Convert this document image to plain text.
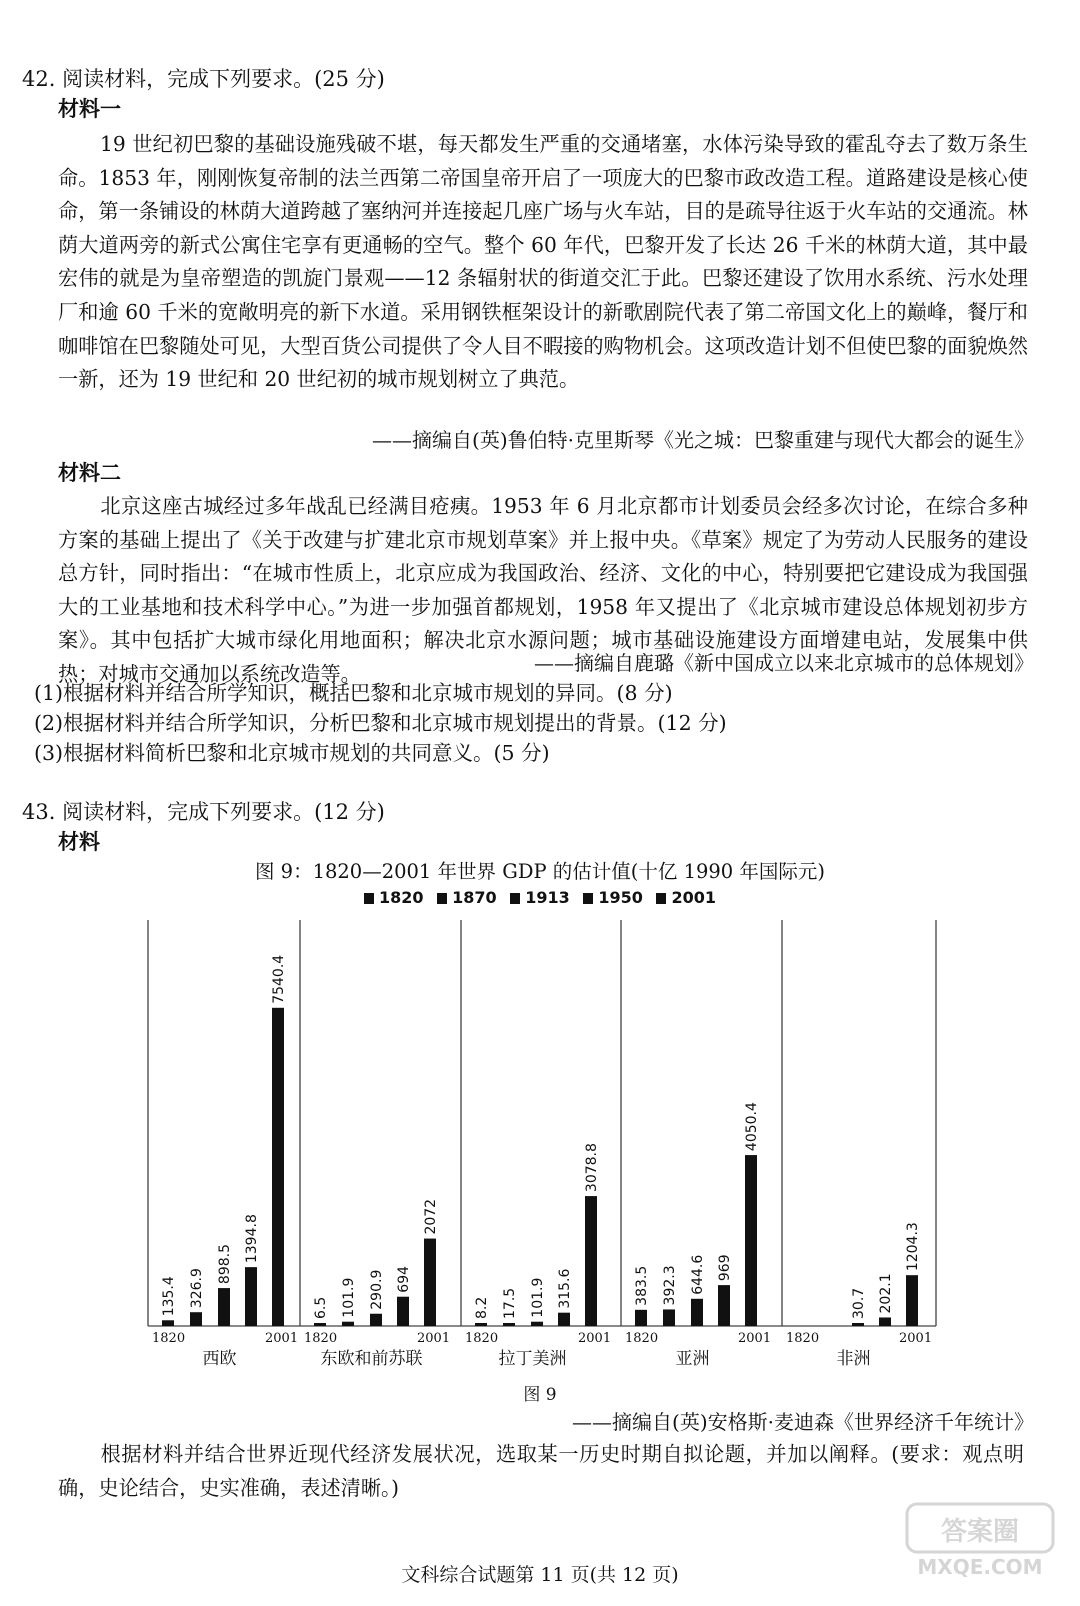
42. 阅读材料，完成下列要求。(25 分)
材料一

19 世纪初巴黎的基础设施残破不堪，每天都发生严重的交通堵塞，水体污染导致的霍乱夺去了数万条生命。1853 年，刚刚恢复帝制的法兰西第二帝国皇帝开启了一项庞大的巴黎市政改造工程。道路建设是核心使命，第一条铺设的林荫大道跨越了塞纳河并连接起几座广场与火车站，目的是疏导往返于火车站的交通流。林荫大道两旁的新式公寓住宅享有更通畅的空气。整个 60 年代，巴黎开发了长达 26 千米的林荫大道，其中最宏伟的就是为皇帝塑造的凯旋门景观——12 条辐射状的街道交汇于此。巴黎还建设了饮用水系统、污水处理厂和逾 60 千米的宽敞明亮的新下水道。采用钢铁框架设计的新歌剧院代表了第二帝国文化上的巅峰，餐厅和咖啡馆在巴黎随处可见，大型百货公司提供了令人目不暇接的购物机会。这项改造计划不但使巴黎的面貌焕然一新，还为 19 世纪和 20 世纪初的城市规划树立了典范。

——摘编自(英)鲁伯特·克里斯琴《光之城：巴黎重建与现代大都会的诞生》
材料二

北京这座古城经过多年战乱已经满目疮痍。1953 年 6 月北京都市计划委员会经多次讨论，在综合多种方案的基础上提出了《关于改建与扩建北京市规划草案》并上报中央。《草案》规定了为劳动人民服务的建设总方针，同时指出：“在城市性质上，北京应成为我国政治、经济、文化的中心，特别要把它建设成为我国强大的工业基地和技术科学中心。”为进一步加强首都规划，1958 年又提出了《北京城市建设总体规划初步方案》。其中包括扩大城市绿化用地面积；解决北京水源问题；城市基础设施建设方面增建电站，发展集中供热；对城市交通加以系统改造等。	——摘编自鹿璐《新中国成立以来北京城市的总体规划》
(1)根据材料并结合所学知识，概括巴黎和北京城市规划的异同。(8 分)
(2)根据材料并结合所学知识，分析巴黎和北京城市规划提出的背景。(12 分)
(3)根据材料简析巴黎和北京城市规划的共同意义。(5 分)
43. 阅读材料，完成下列要求。(12 分)
材料
图 9：1820—2001 年世界 GDP 的估计值(十亿 1990 年国际元)
1820 1870 1913 1950 2001
135.4 326.9
898.5
1394.8
7540.4
1820	2001
西欧
6.5 101.9 290.9 694
2072
1820	2001
东欧和前苏联
8.2 17.5 101.9 315.6
3078.8
1820	2001
拉丁美洲
383.5 392.3 644.6 969
4050.4
1820	2001
亚洲
30.7 202.1
1204.3
1820	2001
非洲
图 9
——摘编自(英)安格斯·麦迪森《世界经济千年统计》

根据材料并结合世界近现代经济发展状况，选取某一历史时期自拟论题，并加以阐释。(要求：观点明确，史论结合，史实准确，表述清晰。)

文科综合试题第 11 页(共 12 页)
答案圈
MXQE.COM
